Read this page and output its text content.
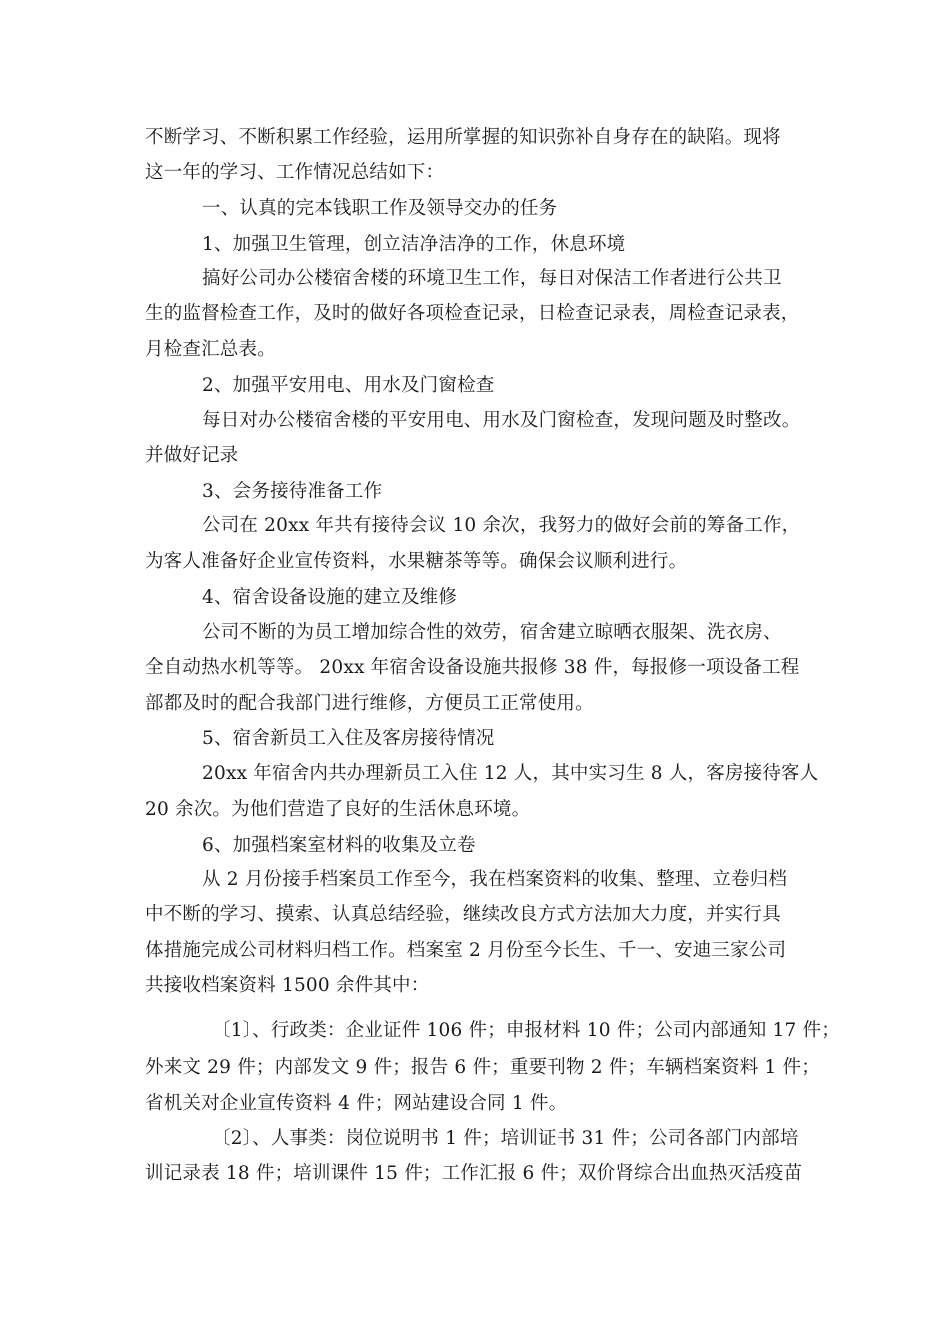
不断学习、不断积累工作经验，运用所掌握的知识弥补自身存在的缺陷。现将
这一年的学习、工作情况总结如下：
一、认真的完本钱职工作及领导交办的任务
1、加强卫生管理，创立洁净洁净的工作，休息环境
搞好公司办公楼宿舍楼的环境卫生工作，每日对保洁工作者进行公共卫
生的监督检查工作，及时的做好各项检查记录，日检查记录表，周检查记录表，
月检查汇总表。
2、加强平安用电、用水及门窗检查
每日对办公楼宿舍楼的平安用电、用水及门窗检查，发现问题及时整改。
并做好记录
3、会务接待准备工作
公司在 20xx 年共有接待会议 10 余次，我努力的做好会前的筹备工作，
为客人准备好企业宣传资料，水果糖茶等等。确保会议顺利进行。
4、宿舍设备设施的建立及维修
公司不断的为员工增加综合性的效劳，宿舍建立晾晒衣服架、洗衣房、
全自动热水机等等。 20xx 年宿舍设备设施共报修 38 件，每报修一项设备工程
部都及时的配合我部门进行维修，方便员工正常使用。
5、宿舍新员工入住及客房接待情况
20xx 年宿舍内共办理新员工入住 12 人，其中实习生 8 人，客房接待客人
20 余次。为他们营造了良好的生活休息环境。
6、加强档案室材料的收集及立卷
从 2 月份接手档案员工作至今，我在档案资料的收集、整理、立卷归档
中不断的学习、摸索、认真总结经验，继续改良方式方法加大力度，并实行具
体措施完成公司材料归档工作。档案室 2 月份至今长生、千一、安迪三家公司
共接收档案资料 1500 余件其中：
〔1〕、行政类：企业证件 106 件；申报材料 10 件；公司内部通知 17 件；
外来文 29 件；内部发文 9 件；报告 6 件；重要刊物 2 件；车辆档案资料 1 件；
省机关对企业宣传资料 4 件；网站建设合同 1 件。
〔2〕、人事类：岗位说明书 1 件；培训证书 31 件；公司各部门内部培
训记录表 18 件；培训课件 15 件；工作汇报 6 件；双价肾综合出血热灭活疫苗
